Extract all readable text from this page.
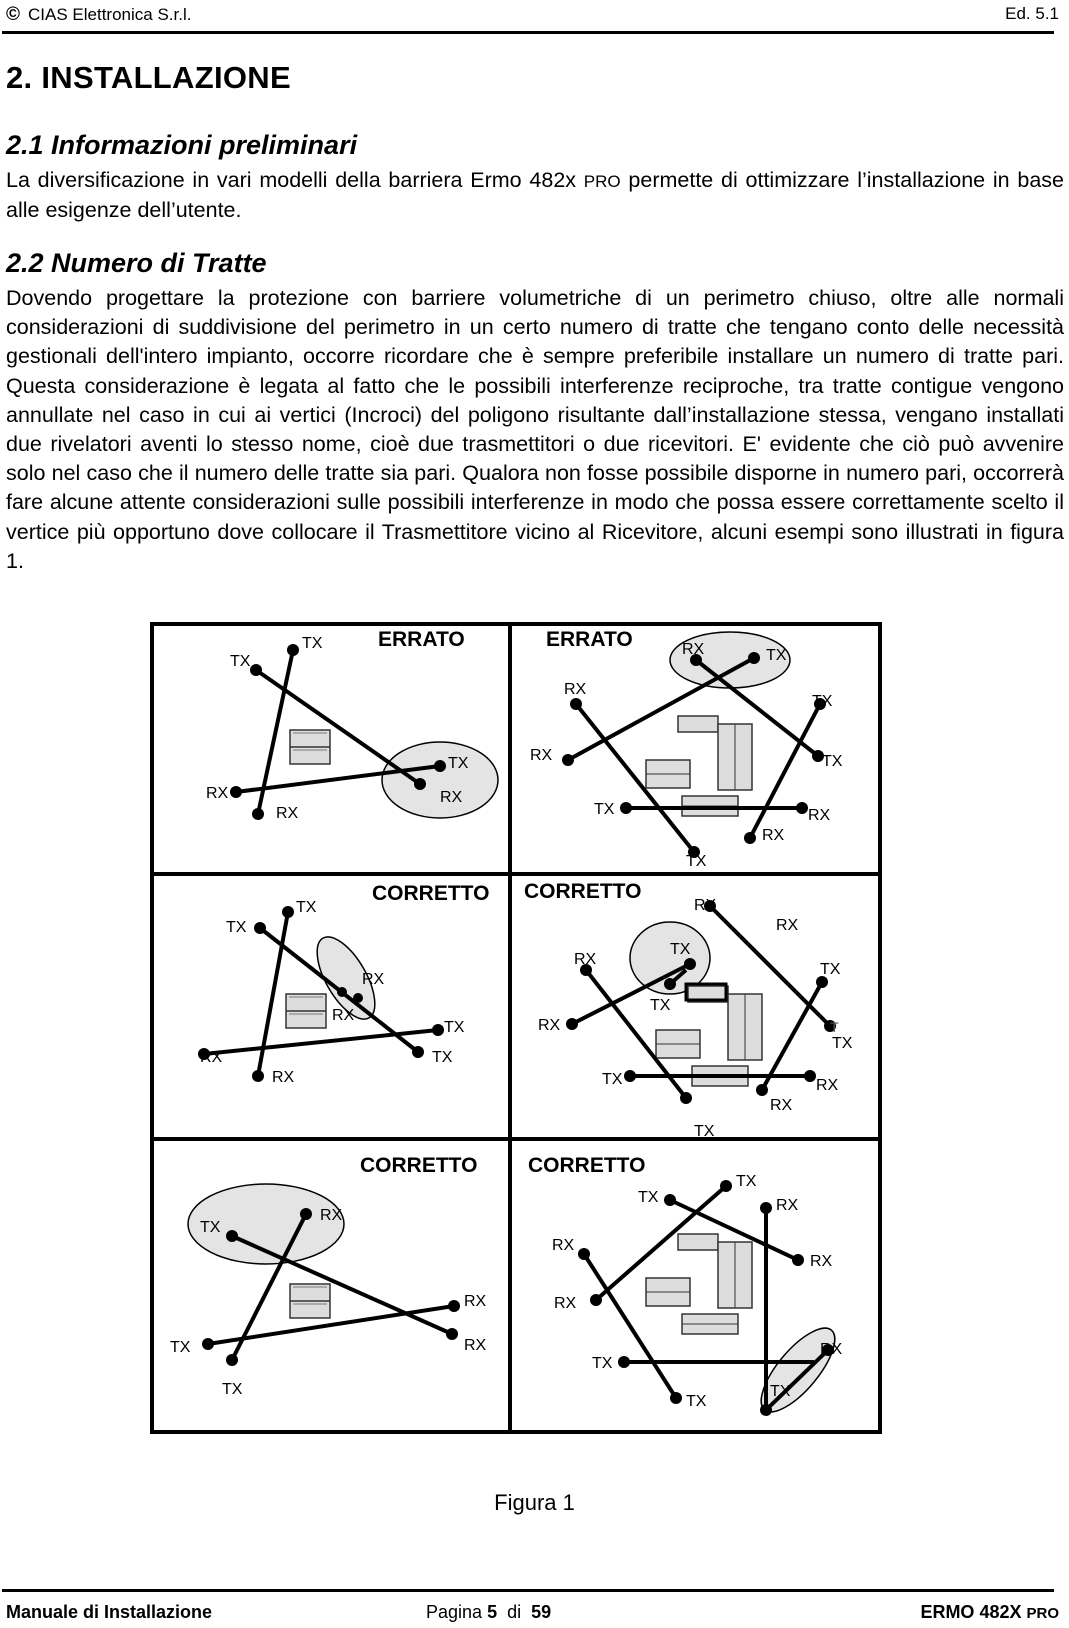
© CIAS Elettronica S.r.l.	Ed. 5.1
2. INSTALLAZIONE
2.1 Informazioni preliminari
La diversificazione in vari modelli della barriera Ermo 482x PRO permette di ottimizzare l’installazione in base alle esigenze dell’utente.
2.2 Numero di Tratte
Dovendo progettare la protezione con barriere volumetriche di un perimetro chiuso, oltre alle normali considerazioni di suddivisione del perimetro in un certo numero di tratte che tengano conto delle necessità gestionali dell'intero impianto, occorre ricordare che è sempre preferibile installare un numero di tratte pari. Questa considerazione è legata al fatto che le possibili interferenze reciproche, tra tratte contigue vengono annullate nel caso in cui ai vertici (Incroci) del poligono risultante dall’installazione stessa, vengano installati due rivelatori aventi lo stesso nome, cioè due trasmettitori o due ricevitori. E' evidente che ciò può avvenire solo nel caso che il numero delle tratte sia pari. Qualora non fosse possibile disporne in numero pari, occorrerà fare alcune attente considerazioni sulle possibili interferenze in modo che possa essere correttamente scelto il vertice più opportuno dove collocare il Trasmettitore vicino al Ricevitore, alcuni esempi sono illustrati in figura 1.
ERRATO
TX
TX
TX
RX
RX
RX
ERRATO	RX	TX
RX
TX
RX	TX
TX	RX
RX
TX
CORRETTO
TX
TX
RX
RX
TX
TX
RX
RX
CORRETTO
RX
RX
RX
TX
TX
TX
RX	T
TX
TX	RX
RX
TX
CORRETTO
TX
RX
RX
RX
TX
TX
CORRETTO
TX
TX
RX
RX
RX
RX
TX
RX
TX
TX
Figura 1
Manuale di Installazione	Pagina 5  di  59	ERMO 482X PRO
